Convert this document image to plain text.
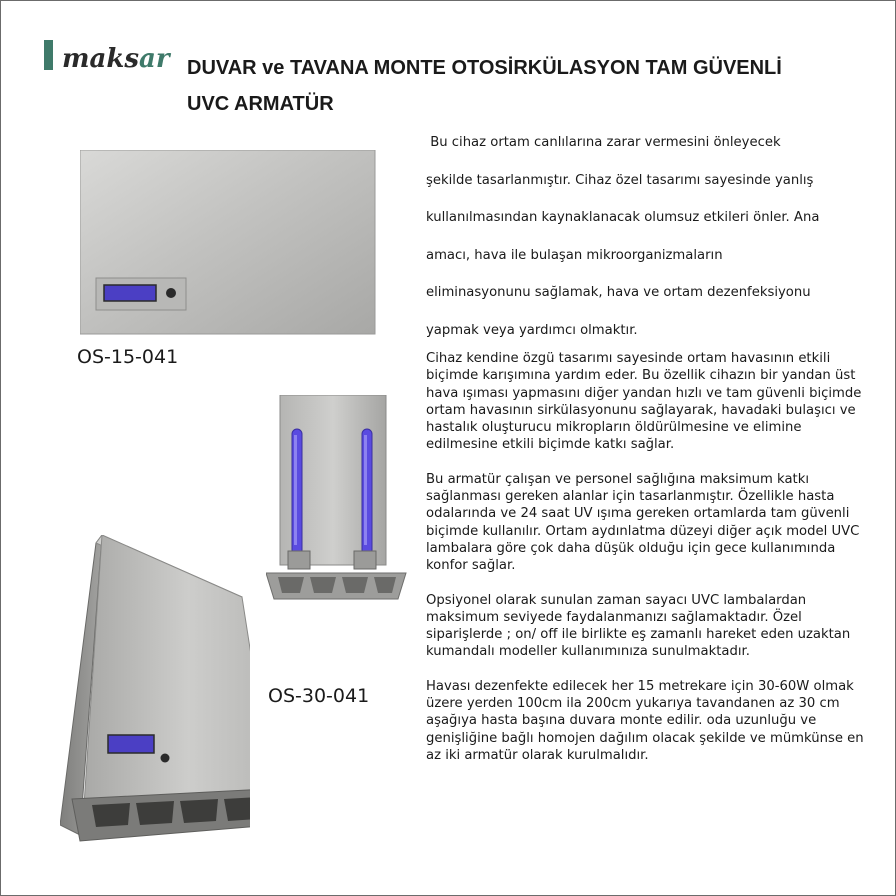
maksar DUVAR ve TAVANA MONTE OTOSİRKÜLASYON TAM GÜVENLİ
UVC ARMATÜR
OS-15-041
OS-30-041
Bu cihaz ortam canlılarına zarar vermesini önleyecek
şekilde tasarlanmıştır. Cihaz özel tasarımı sayesinde yanlış
kullanılmasından kaynaklanacak olumsuz etkileri önler. Ana
amacı, hava ile bulaşan mikroorganizmaların
eliminasyonunu sağlamak, hava ve ortam dezenfeksiyonu
yapmak veya yardımcı olmaktır.

Cihaz kendine özgü tasarımı sayesinde ortam havasının etkili biçimde karışımına yardım eder. Bu özellik cihazın bir yandan üst hava ışıması yapmasını diğer yandan hızlı ve tam güvenli biçimde ortam havasının sirkülasyonunu sağlayarak, havadaki bulaşıcı ve hastalık oluşturucu mikropların öldürülmesine ve elimine edilmesine etkili biçimde katkı sağlar.

Bu armatür çalışan ve personel sağlığına maksimum katkı sağlanması gereken alanlar için tasarlanmıştır. Özellikle hasta odalarında ve 24 saat UV ışıma gereken ortamlarda tam güvenli biçimde kullanılır. Ortam aydınlatma düzeyi diğer açık model UVC lambalara göre çok daha düşük olduğu için gece kullanımında konfor sağlar.

Opsiyonel olarak sunulan zaman sayacı UVC lambalardan maksimum seviyede faydalanmanızı sağlamaktadır. Özel siparişlerde ; on/ off ile birlikte eş zamanlı hareket eden uzaktan kumandalı modeller kullanımınıza sunulmaktadır.

Havası dezenfekte edilecek her 15 metrekare için 30-60W olmak üzere yerden 100cm ila 200cm yukarıya tavandanen az 30 cm aşağıya hasta başına duvara monte edilir. oda uzunluğu ve genişliğine bağlı homojen dağılım olacak şekilde ve mümkünse en az iki armatür olarak kurulmalıdır.
